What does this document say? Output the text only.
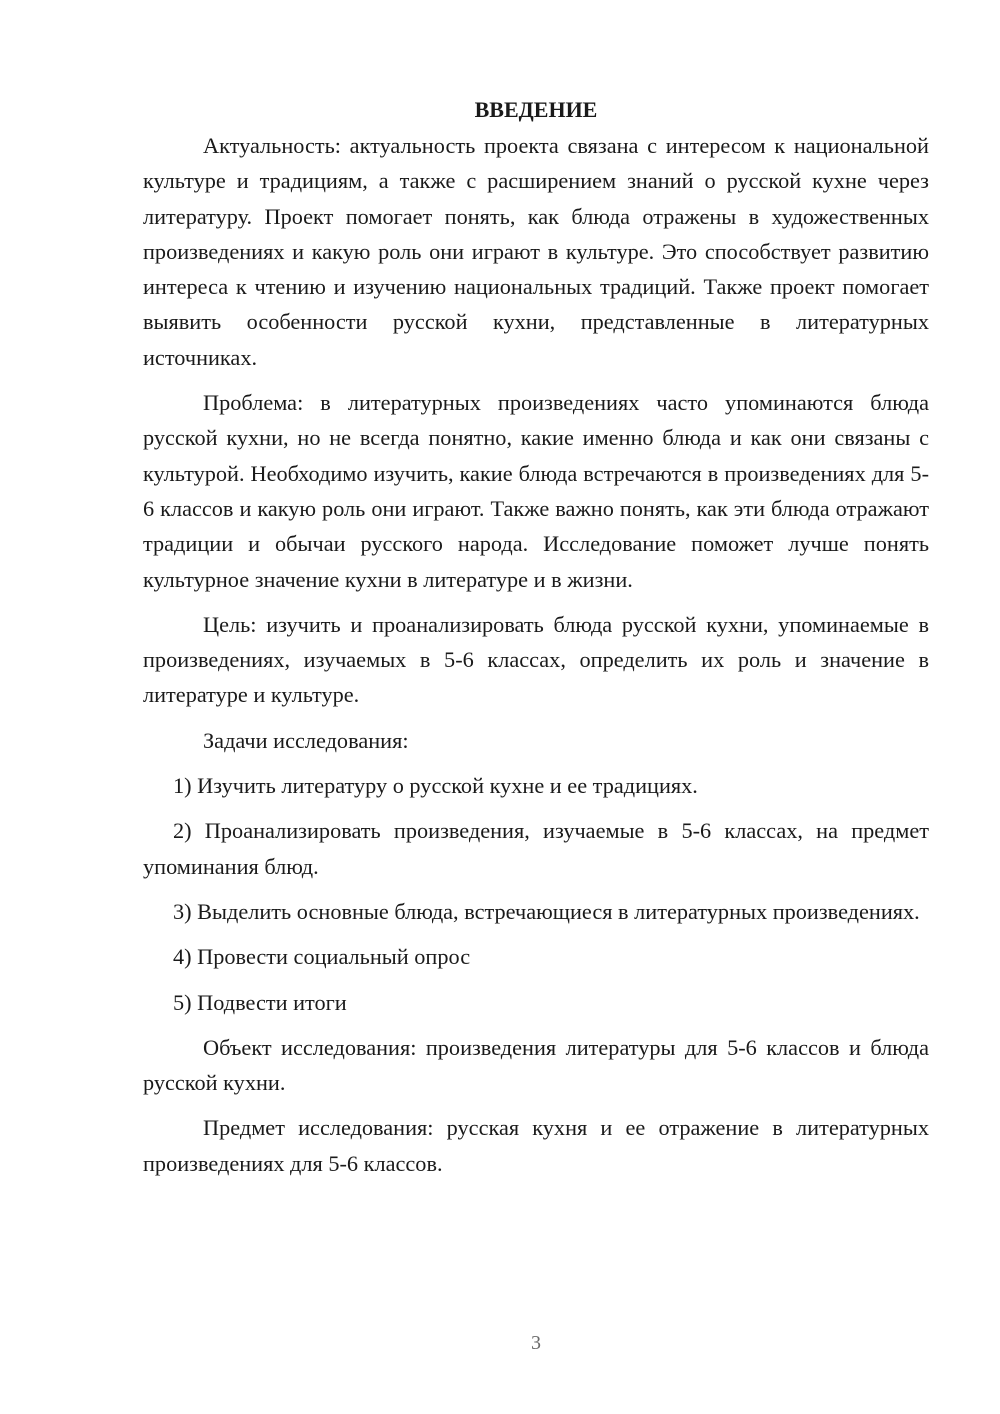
ВВЕДЕНИЕ

Актуальность: актуальность проекта связана с интересом к национальной культуре и традициям, а также с расширением знаний о русской кухне через литературу. Проект помогает понять, как блюда отражены в художественных произведениях и какую роль они играют в культуре. Это способствует развитию интереса к чтению и изучению национальных традиций. Также проект помогает выявить особенности русской кухни, представленные в литературных источниках.

Проблема: в литературных произведениях часто упоминаются блюда русской кухни, но не всегда понятно, какие именно блюда и как они связаны с культурой. Необходимо изучить, какие блюда встречаются в произведениях для 5-6 классов и какую роль они играют. Также важно понять, как эти блюда отражают традиции и обычаи русского народа. Исследование поможет лучше понять культурное значение кухни в литературе и в жизни.

Цель: изучить и проанализировать блюда русской кухни, упоминаемые в произведениях, изучаемых в 5-6 классах, определить их роль и значение в литературе и культуре.

Задачи исследования:

1) Изучить литературу о русской кухне и ее традициях.

2) Проанализировать произведения, изучаемые в 5-6 классах, на предмет упоминания блюд.

3) Выделить основные блюда, встречающиеся в литературных произведениях.

4) Провести социальный опрос

5) Подвести итоги

Объект исследования: произведения литературы для 5-6 классов и блюда русской кухни.

Предмет исследования: русская кухня и ее отражение в литературных произведениях для 5-6 классов.

3
